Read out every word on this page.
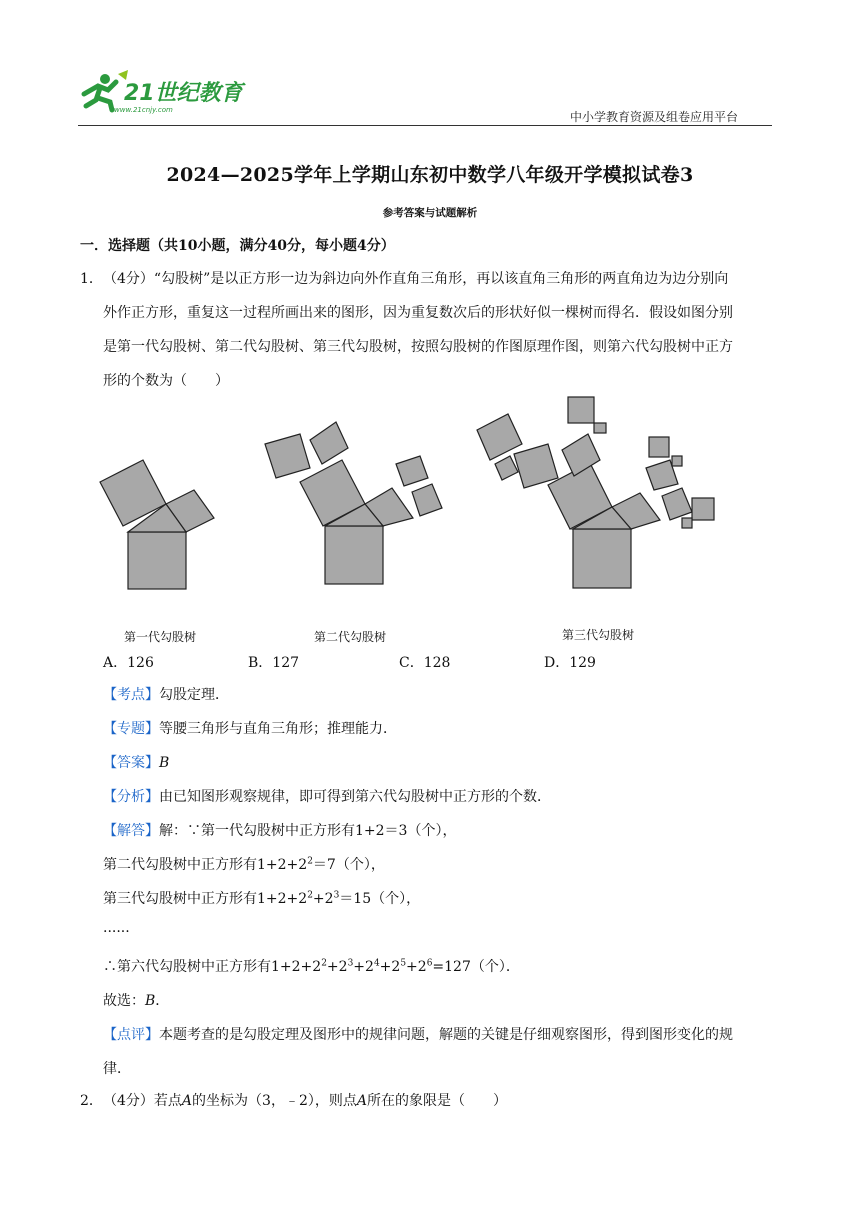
21世纪教育
www.21cnjy.com	中小学教育资源及组卷应用平台
2024—2025学年上学期山东初中数学八年级开学模拟试卷3
参考答案与试题解析
一．选择题（共10小题，满分40分，每小题4分）
1． （4分）“勾股树”是以正方形一边为斜边向外作直角三角形，再以该直角三角形的两直角边为边分别向
外作正方形，重复这一过程所画出来的图形，因为重复数次后的形状好似一棵树而得名．假设如图分别
是第一代勾股树、第二代勾股树、第三代勾股树，按照勾股树的作图原理作图，则第六代勾股树中正方
形的个数为（　　）
第一代勾股树	第二代勾股树	第三代勾股树
A．126	B．127	C．128	D．129
【考点】勾股定理．
【专题】等腰三角形与直角三角形；推理能力．
【答案】B
【分析】由已知图形观察规律，即可得到第六代勾股树中正方形的个数．
【解答】解：∵第一代勾股树中正方形有1+2＝3（个），
第二代勾股树中正方形有$1+2+2^2=7$（个），
第三代勾股树中正方形有$1+2+2^2+2^3=15$（个），
......
∴第六代勾股树中正方形有$1+2+2^2+2^3+2^4+2^5+2^6=127$（个）．
故选：B．
【点评】本题考查的是勾股定理及图形中的规律问题，解题的关键是仔细观察图形，得到图形变化的规
律．
2． （4分）若点A的坐标为（3，﹣2），则点A所在的象限是（　　）
